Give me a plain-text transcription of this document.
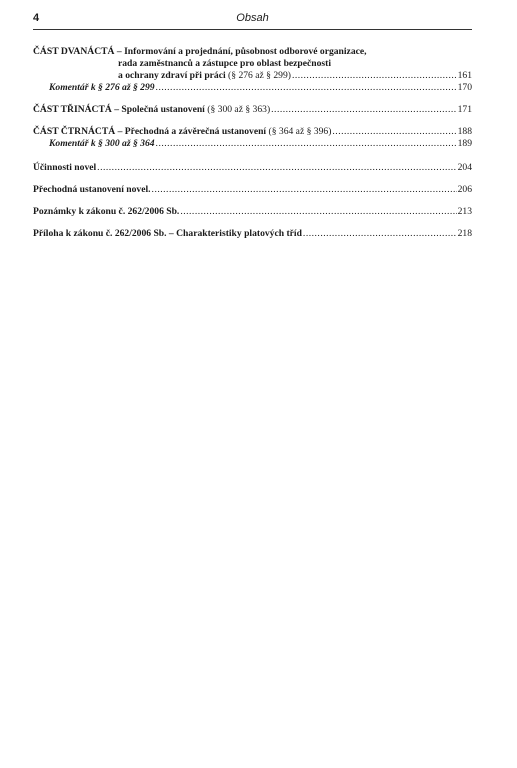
4	Obsah
ČÁST DVANÁCTÁ – Informování a projednání, působnost odborové organizace,
rada zaměstnanců a zástupce pro oblast bezpečnosti
a ochrany zdraví při práci (§ 276 až § 299) .....	161
Komentář k § 276 až § 299 .....	170
ČÁST TŘINÁCTÁ – Společná ustanovení (§ 300 až § 363) .....	171
ČÁST ČTRNÁCTÁ – Přechodná a závěrečná ustanovení (§ 364 až § 396) .....	188
Komentář k § 300 až § 364 .....	189
Účinnosti novel .....	204
Přechodná ustanovení novel. .....	206
Poznámky k zákonu č. 262/2006 Sb. .....	213
Příloha k zákonu č. 262/2006 Sb. – Charakteristiky platových tříd .....	218
